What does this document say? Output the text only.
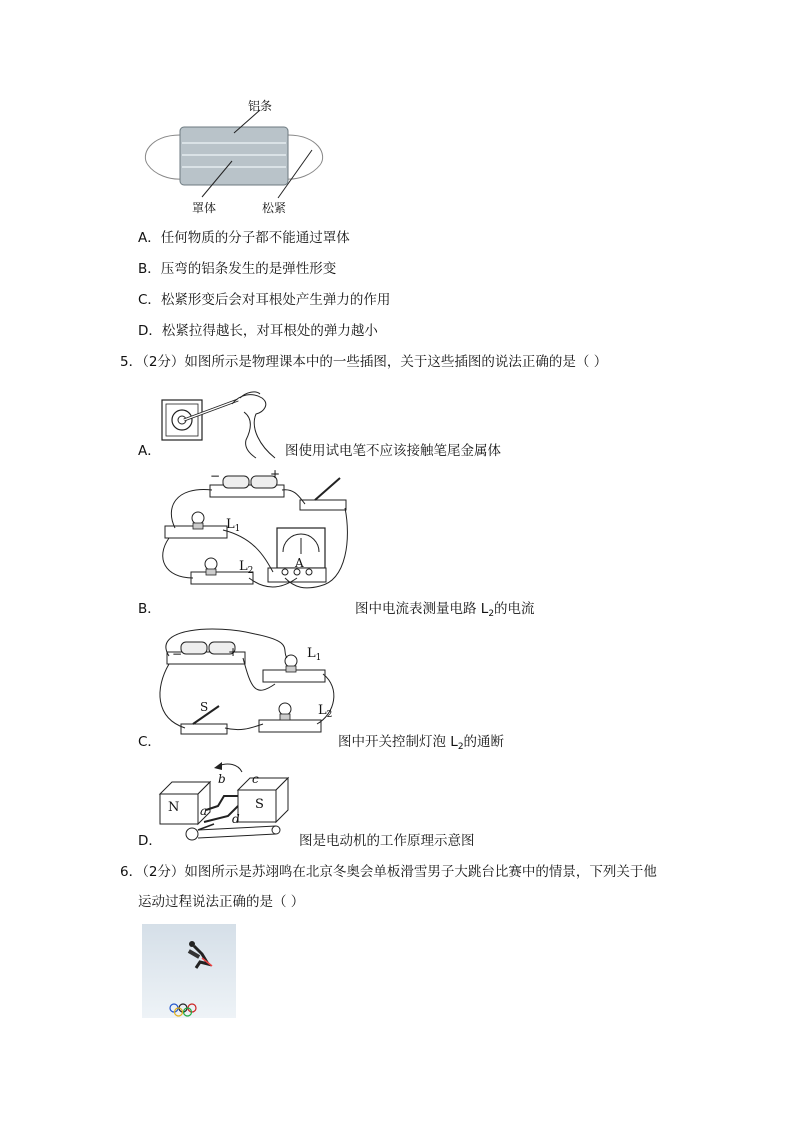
铝条
罩体	松紧
A．任何物质的分子都不能通过罩体
B．压弯的铝条发生的是弹性形变
C．松紧形变后会对耳根处产生弹力的作用
D．松紧拉得越长，对耳根处的弹力越小
5．（2分）如图所示是物理课本中的一些插图，关于这些插图的说法正确的是（ ）
A．	图使用试电笔不应该接触笔尾金属体
−	+
$L_1$
$L_2$
A
B．	图中电流表测量电路 $L_2$的电流
−	+	$L_1$
$L_2$
S
C．	图中开关控制灯泡 $L_2$的通断
N	S
a
b c
d
D．	图是电动机的工作原理示意图
6．（2分）如图所示是苏翊鸣在北京冬奥会单板滑雪男子大跳台比赛中的情景，下列关于他
运动过程说法正确的是（ ）
